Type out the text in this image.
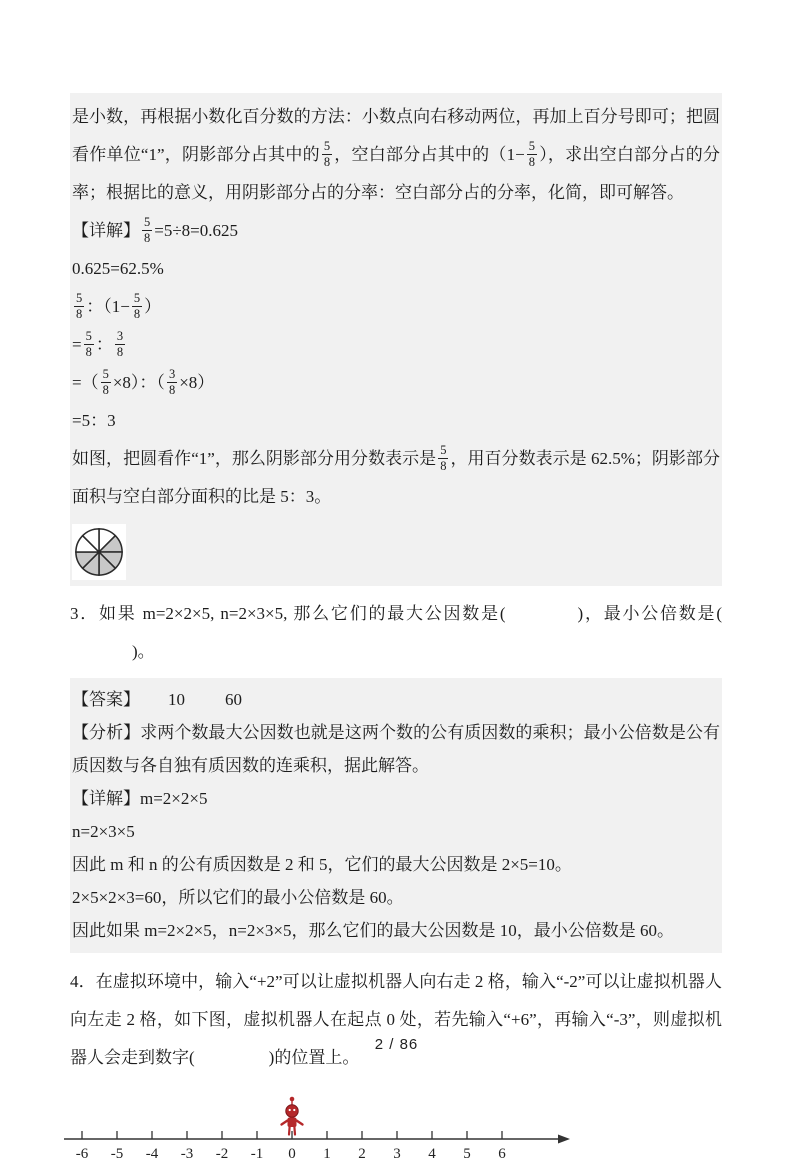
是小数，再根据小数化百分数的方法：小数点向右移动两位，再加上百分号即可；把圆看作单位“1”，阴影部分占其中的 $\frac{5}{8}$ ，空白部分占其中的（$1- \frac{5}{8}$ ），求出空白部分占的分率；根据比的意义，用阴影部分占的分率：空白部分占的分率，化简，即可解答。
【详解】 $\frac{5}{8} =5\div 8=0.625$
0.625=62.5%
$\frac{5}{8}$ ：（$1- \frac{5}{8}$ ）
= $\frac{5}{8}$ ： $\frac{3}{8}$
=（ $\frac{5}{8} \times 8$）：（ $\frac{3}{8} \times 8$）
=5：3
如图，把圆看作“1”，那么阴影部分用分数表示是 $\frac{5}{8}$ ，用百分数表示是 62.5%；阴影部分面积与空白部分面积的比是 5：3。
3．如果 m=2×2×5, n=2×3×5, 那么它们的最大公因数是(	)，最小公倍数是()。
【答案】 10 60
【分析】求两个数最大公因数也就是这两个数的公有质因数的乘积；最小公倍数是公有质因数与各自独有质因数的连乘积，据此解答。
【详解】m=2×2×5
n=2×3×5
因此 m 和 n 的公有质因数是 2 和 5，它们的最大公因数是 2×5=10。
2×5×2×3=60，所以它们的最小公倍数是 60。
因此如果 m=2×2×5，n=2×3×5，那么它们的最大公因数是 10，最小公倍数是 60。
4．在虚拟环境中，输入“+2”可以让虚拟机器人向右走 2 格，输入“-2”可以让虚拟机器人向左走 2 格，如下图，虚拟机器人在起点 0 处，若先输入“+6”，再输入“-3”，则虚拟机器人会走到数字(	)的位置上。
-6 -5 -4 -3 -2 -1 0 1 2 3 4 5 6
2 / 86
